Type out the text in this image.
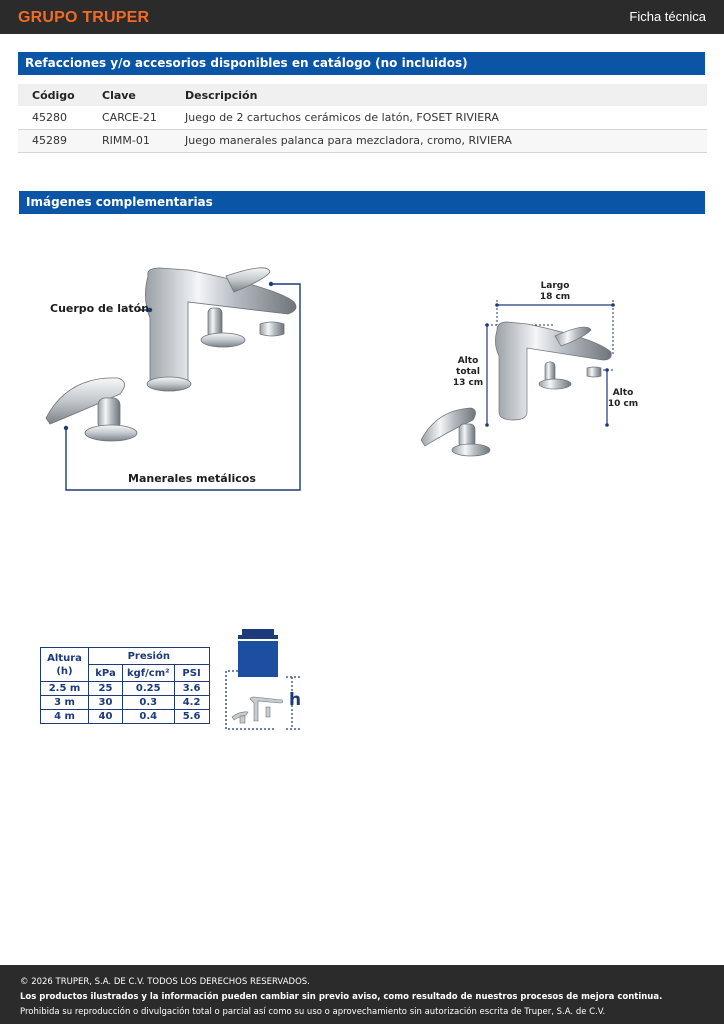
GRUPO TRUPER	Ficha técnica
Refacciones y/o accesorios disponibles en catálogo (no incluidos)
Código	Clave	Descripción
45280	CARCE-21	Juego de 2 cartuchos cerámicos de latón, FOSET RIVIERA
45289	RIMM-01	Juego manerales palanca para mezcladora, cromo, RIVIERA
Imágenes complementarias
Cuerpo de latón
Manerales metálicos
Largo
18 cm
Alto
total
13 cm
Alto
10 cm
Altura
(h)	Presión		
	kPa	kgf/cm²	PSI
2.5 m	25	0.25	3.6
3 m	30	0.3	4.2
4 m	40	0.4	5.6
h
© 2026 TRUPER, S.A. DE C.V. TODOS LOS DERECHOS RESERVADOS.
Los productos ilustrados y la información pueden cambiar sin previo aviso, como resultado de nuestros procesos de mejora continua.
Prohibida su reproducción o divulgación total o parcial así como su uso o aprovechamiento sin autorización escrita de Truper, S.A. de C.V.
